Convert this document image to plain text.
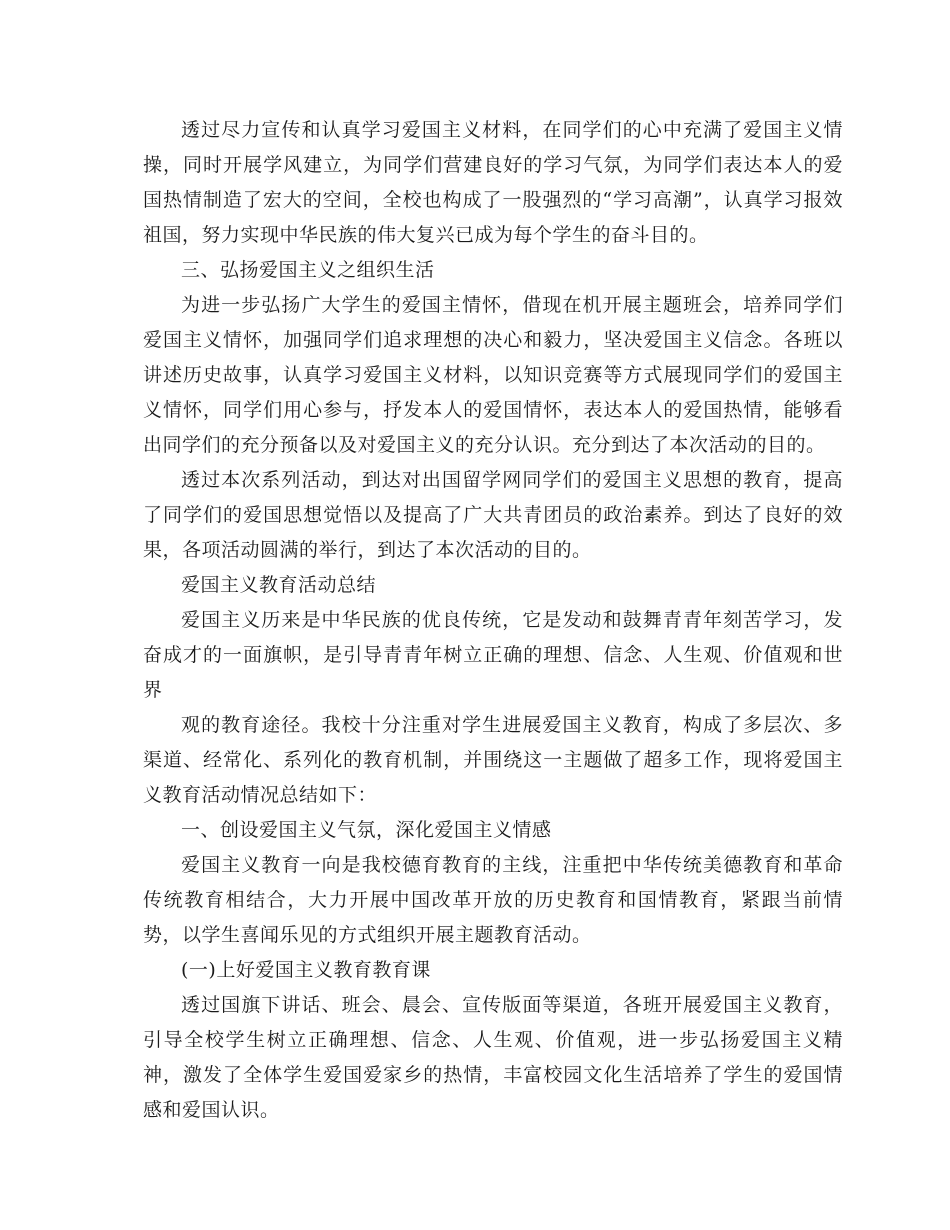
透过尽力宣传和认真学习爱国主义材料，在同学们的心中充满了爱国主义情操，同时开展学风建立，为同学们营建良好的学习气氛，为同学们表达本人的爱国热情制造了宏大的空间，全校也构成了一股强烈的“学习高潮”，认真学习报效祖国，努力实现中华民族的伟大复兴已成为每个学生的奋斗目的。

三、弘扬爱国主义之组织生活

为进一步弘扬广大学生的爱国主情怀，借现在机开展主题班会，培养同学们爱国主义情怀，加强同学们追求理想的决心和毅力，坚决爱国主义信念。各班以讲述历史故事，认真学习爱国主义材料，以知识竞赛等方式展现同学们的爱国主义情怀，同学们用心参与，抒发本人的爱国情怀，表达本人的爱国热情，能够看出同学们的充分预备以及对爱国主义的充分认识。充分到达了本次活动的目的。

透过本次系列活动，到达对出国留学网同学们的爱国主义思想的教育，提高了同学们的爱国思想觉悟以及提高了广大共青团员的政治素养。到达了良好的效果，各项活动圆满的举行，到达了本次活动的目的。

爱国主义教育活动总结

爱国主义历来是中华民族的优良传统，它是发动和鼓舞青青年刻苦学习，发奋成才的一面旗帜，是引导青青年树立正确的理想、信念、人生观、价值观和世界

观的教育途径。我校十分注重对学生进展爱国主义教育，构成了多层次、多渠道、经常化、系列化的教育机制，并围绕这一主题做了超多工作，现将爱国主义教育活动情况总结如下：

一、创设爱国主义气氛，深化爱国主义情感

爱国主义教育一向是我校德育教育的主线，注重把中华传统美德教育和革命传统教育相结合，大力开展中国改革开放的历史教育和国情教育，紧跟当前情势，以学生喜闻乐见的方式组织开展主题教育活动。

(一)上好爱国主义教育教育课

透过国旗下讲话、班会、晨会、宣传版面等渠道，各班开展爱国主义教育，引导全校学生树立正确理想、信念、人生观、价值观，进一步弘扬爱国主义精神，激发了全体学生爱国爱家乡的热情，丰富校园文化生活培养了学生的爱国情感和爱国认识。
